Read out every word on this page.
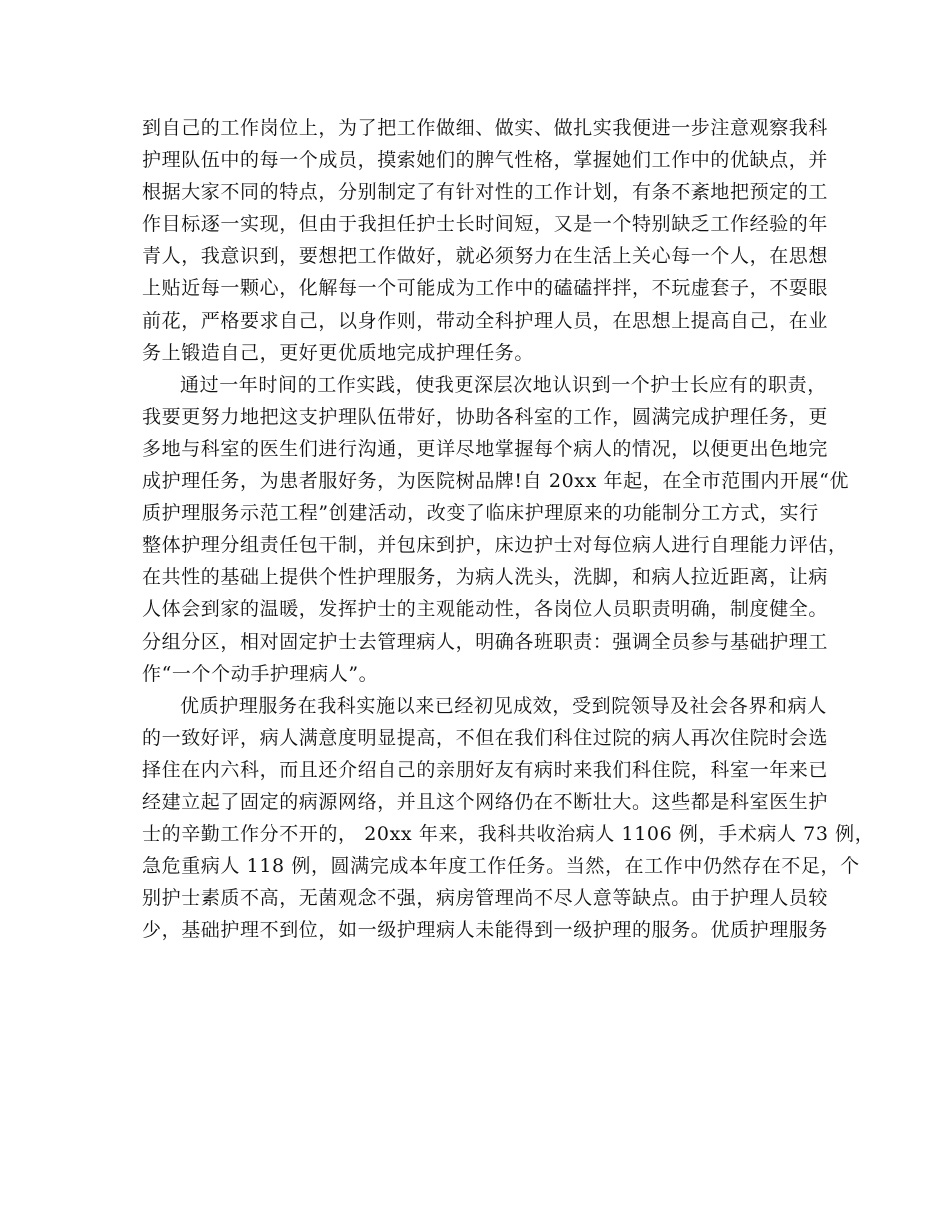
到自己的工作岗位上，为了把工作做细、做实、做扎实我便进一步注意观察我科
护理队伍中的每一个成员，摸索她们的脾气性格，掌握她们工作中的优缺点，并
根据大家不同的特点，分别制定了有针对性的工作计划，有条不紊地把预定的工
作目标逐一实现，但由于我担任护士长时间短，又是一个特别缺乏工作经验的年
青人，我意识到，要想把工作做好，就必须努力在生活上关心每一个人，在思想
上贴近每一颗心，化解每一个可能成为工作中的磕磕拌拌，不玩虚套子，不耍眼
前花，严格要求自己，以身作则，带动全科护理人员，在思想上提高自己，在业
务上锻造自己，更好更优质地完成护理任务。
通过一年时间的工作实践，使我更深层次地认识到一个护士长应有的职责，
我要更努力地把这支护理队伍带好，协助各科室的工作，圆满完成护理任务，更
多地与科室的医生们进行沟通，更详尽地掌握每个病人的情况，以便更出色地完
成护理任务，为患者服好务，为医院树品牌!自 20xx 年起，在全市范围内开展“优
质护理服务示范工程”创建活动，改变了临床护理原来的功能制分工方式，实行
整体护理分组责任包干制，并包床到护，床边护士对每位病人进行自理能力评估，
在共性的基础上提供个性护理服务，为病人洗头，洗脚，和病人拉近距离，让病
人体会到家的温暖，发挥护士的主观能动性，各岗位人员职责明确，制度健全。
分组分区，相对固定护士去管理病人，明确各班职责：强调全员参与基础护理工
作“一个个动手护理病人”。
优质护理服务在我科实施以来已经初见成效，受到院领导及社会各界和病人
的一致好评，病人满意度明显提高，不但在我们科住过院的病人再次住院时会选
择住在内六科，而且还介绍自己的亲朋好友有病时来我们科住院，科室一年来已
经建立起了固定的病源网络，并且这个网络仍在不断壮大。这些都是科室医生护
士的辛勤工作分不开的， 20xx 年来，我科共收治病人 1106 例，手术病人 73 例，
急危重病人 118 例，圆满完成本年度工作任务。当然，在工作中仍然存在不足，个
别护士素质不高，无菌观念不强，病房管理尚不尽人意等缺点。由于护理人员较
少，基础护理不到位，如一级护理病人未能得到一级护理的服务。优质护理服务
